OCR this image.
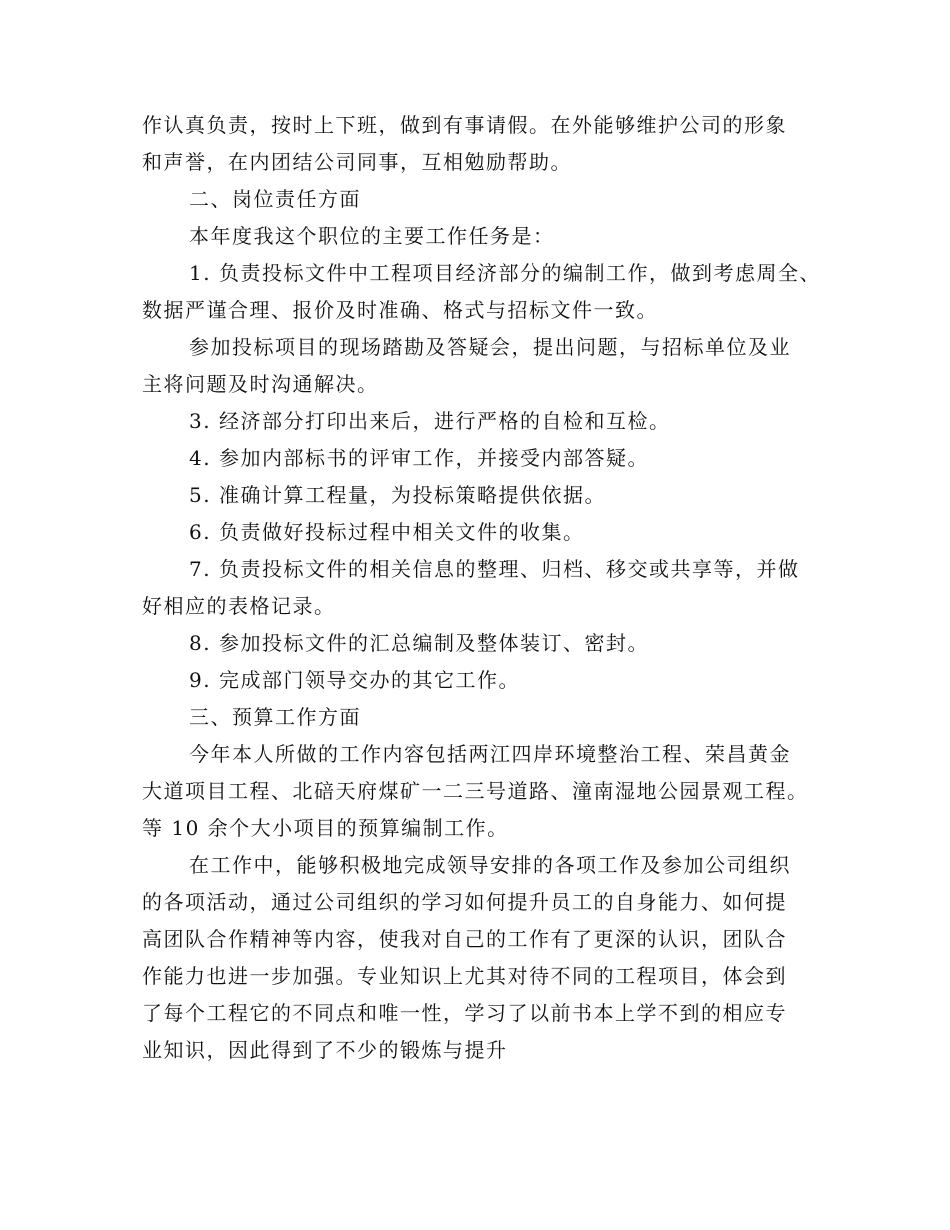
作认真负责，按时上下班，做到有事请假。在外能够维护公司的形象

和声誉，在内团结公司同事，互相勉励帮助。

二、岗位责任方面

本年度我这个职位的主要工作任务是：

1. 负责投标文件中工程项目经济部分的编制工作，做到考虑周全、

数据严谨合理、报价及时准确、格式与招标文件一致。

参加投标项目的现场踏勘及答疑会，提出问题，与招标单位及业

主将问题及时沟通解决。

3. 经济部分打印出来后，进行严格的自检和互检。

4. 参加内部标书的评审工作，并接受内部答疑。

5. 准确计算工程量，为投标策略提供依据。

6. 负责做好投标过程中相关文件的收集。

7. 负责投标文件的相关信息的整理、归档、移交或共享等，并做

好相应的表格记录。

8. 参加投标文件的汇总编制及整体装订、密封。

9. 完成部门领导交办的其它工作。

三、预算工作方面

今年本人所做的工作内容包括两江四岸环境整治工程、荣昌黄金

大道项目工程、北碚天府煤矿一二三号道路、潼南湿地公园景观工程。

等 10 余个大小项目的预算编制工作。

在工作中，能够积极地完成领导安排的各项工作及参加公司组织

的各项活动，通过公司组织的学习如何提升员工的自身能力、如何提

高团队合作精神等内容，使我对自己的工作有了更深的认识，团队合

作能力也进一步加强。专业知识上尤其对待不同的工程项目，体会到

了每个工程它的不同点和唯一性，学习了以前书本上学不到的相应专

业知识，因此得到了不少的锻炼与提升
